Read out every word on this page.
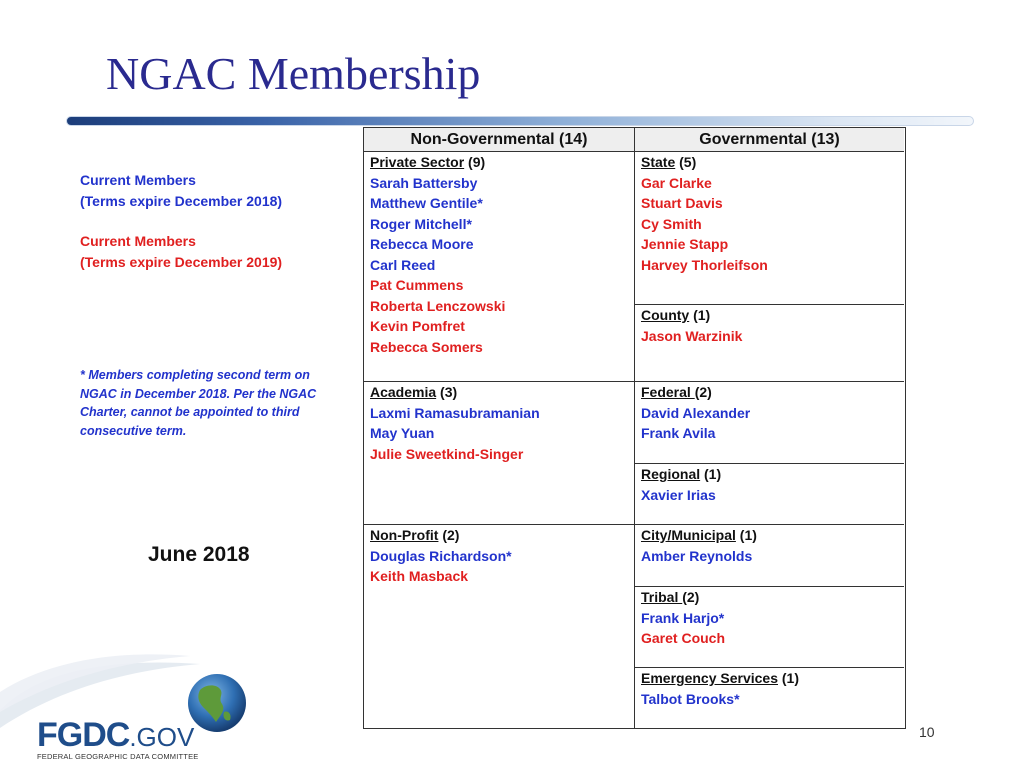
NGAC Membership
Current Members
(Terms expire December 2018)
Current Members
(Terms expire December 2019)
* Members completing second term on NGAC in December 2018. Per the NGAC Charter, cannot be appointed to third consecutive term.
June 2018
Non-Governmental (14)	Governmental (13)
Private Sector (9)
Sarah Battersby
Matthew Gentile*
Roger Mitchell*
Rebecca Moore
Carl Reed
Pat Cummens
Roberta Lenczowski
Kevin Pomfret
Rebecca Somers
Academia (3)
Laxmi Ramasubramanian
May Yuan
Julie Sweetkind-Singer
Non-Profit (2)
Douglas Richardson*
Keith Masback
State (5)
Gar Clarke
Stuart Davis
Cy Smith
Jennie Stapp
Harvey Thorleifson
County (1)
Jason Warzinik
Federal (2)
David Alexander
Frank Avila
Regional (1)
Xavier Irias
City/Municipal (1)
Amber Reynolds
Tribal (2)
Frank Harjo*
Garet Couch
Emergency Services (1)
Talbot Brooks*
10
FGDC.GOV
FEDERAL GEOGRAPHIC DATA COMMITTEE
